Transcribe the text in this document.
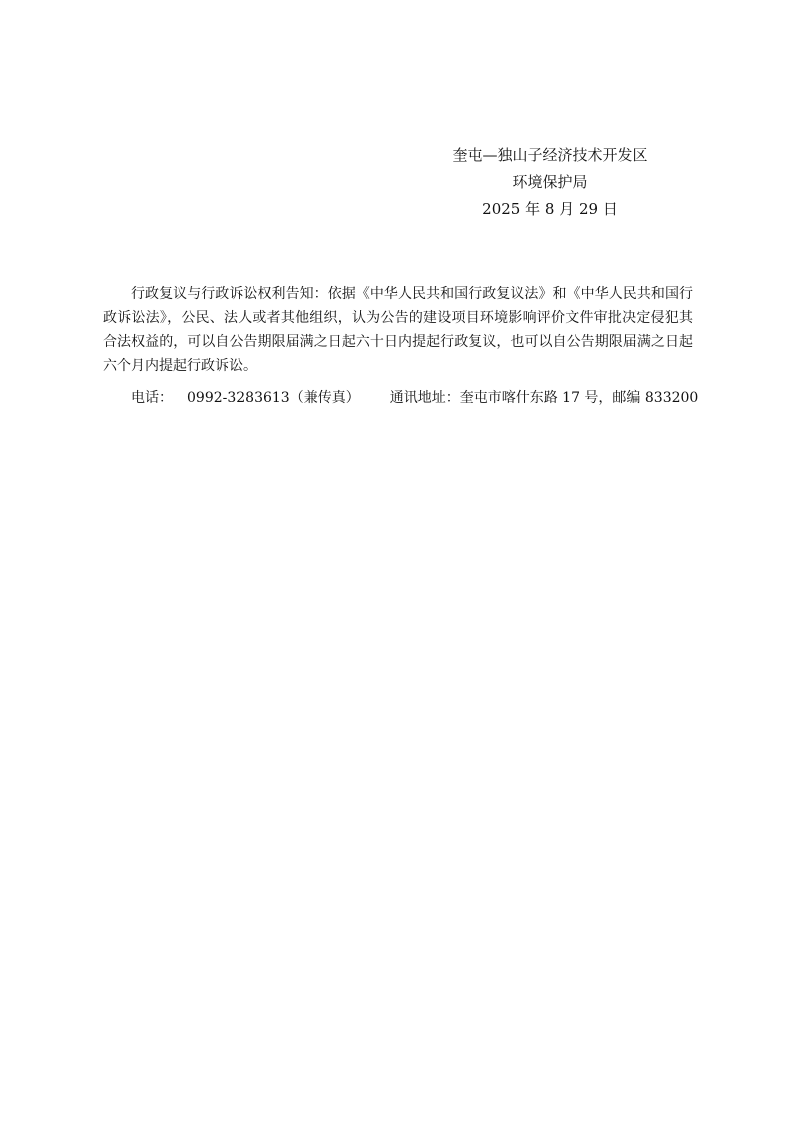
奎屯—独山子经济技术开发区
环境保护局
2025 年 8 月 29 日

行政复议与行政诉讼权利告知：依据《中华人民共和国行政复议法》和《中华人民共和国行政诉讼法》，公民、法人或者其他组织，认为公告的建设项目环境影响评价文件审批决定侵犯其合法权益的，可以自公告期限届满之日起六十日内提起行政复议，也可以自公告期限届满之日起六个月内提起行政诉讼。

电话： 0992-3283613（兼传真） 通讯地址：奎屯市喀什东路 17 号，邮编 833200
